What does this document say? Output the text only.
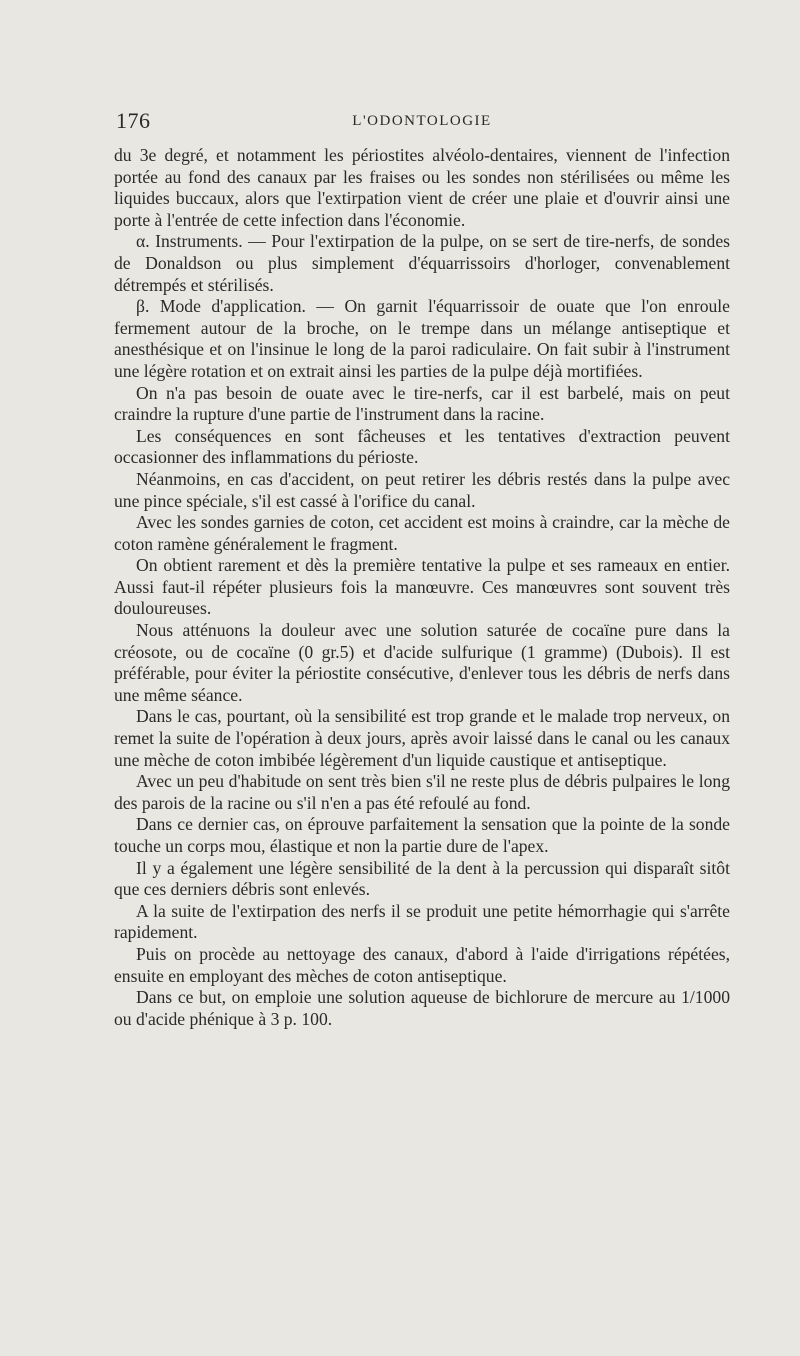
176	L'ODONTOLOGIE

du 3e degré, et notamment les périostites alvéolo-dentaires, viennent de l'infection portée au fond des canaux par les fraises ou les sondes non stérilisées ou même les liquides buccaux, alors que l'extirpation vient de créer une plaie et d'ouvrir ainsi une porte à l'entrée de cette infection dans l'économie.

α. Instruments. — Pour l'extirpation de la pulpe, on se sert de tire-nerfs, de sondes de Donaldson ou plus simplement d'équarrissoirs d'horloger, convenablement détrempés et stérilisés.

β. Mode d'application. — On garnit l'équarrissoir de ouate que l'on enroule fermement autour de la broche, on le trempe dans un mélange antiseptique et anesthésique et on l'insinue le long de la paroi radiculaire. On fait subir à l'instrument une légère rotation et on extrait ainsi les parties de la pulpe déjà mortifiées.

On n'a pas besoin de ouate avec le tire-nerfs, car il est barbelé, mais on peut craindre la rupture d'une partie de l'instrument dans la racine.

Les conséquences en sont fâcheuses et les tentatives d'extraction peuvent occasionner des inflammations du périoste.

Néanmoins, en cas d'accident, on peut retirer les débris restés dans la pulpe avec une pince spéciale, s'il est cassé à l'orifice du canal.

Avec les sondes garnies de coton, cet accident est moins à craindre, car la mèche de coton ramène généralement le fragment.

On obtient rarement et dès la première tentative la pulpe et ses rameaux en entier. Aussi faut-il répéter plusieurs fois la manœuvre. Ces manœuvres sont souvent très douloureuses.

Nous atténuons la douleur avec une solution saturée de cocaïne pure dans la créosote, ou de cocaïne (0 gr.5) et d'acide sulfurique (1 gramme) (Dubois). Il est préférable, pour éviter la périostite consécutive, d'enlever tous les débris de nerfs dans une même séance.

Dans le cas, pourtant, où la sensibilité est trop grande et le malade trop nerveux, on remet la suite de l'opération à deux jours, après avoir laissé dans le canal ou les canaux une mèche de coton imbibée légèrement d'un liquide caustique et antiseptique.

Avec un peu d'habitude on sent très bien s'il ne reste plus de débris pulpaires le long des parois de la racine ou s'il n'en a pas été refoulé au fond.

Dans ce dernier cas, on éprouve parfaitement la sensation que la pointe de la sonde touche un corps mou, élastique et non la partie dure de l'apex.

Il y a également une légère sensibilité de la dent à la percussion qui disparaît sitôt que ces derniers débris sont enlevés.

A la suite de l'extirpation des nerfs il se produit une petite hémorrhagie qui s'arrête rapidement.

Puis on procède au nettoyage des canaux, d'abord à l'aide d'irrigations répétées, ensuite en employant des mèches de coton antiseptique.

Dans ce but, on emploie une solution aqueuse de bichlorure de mercure au 1/1000 ou d'acide phénique à 3 p. 100.
